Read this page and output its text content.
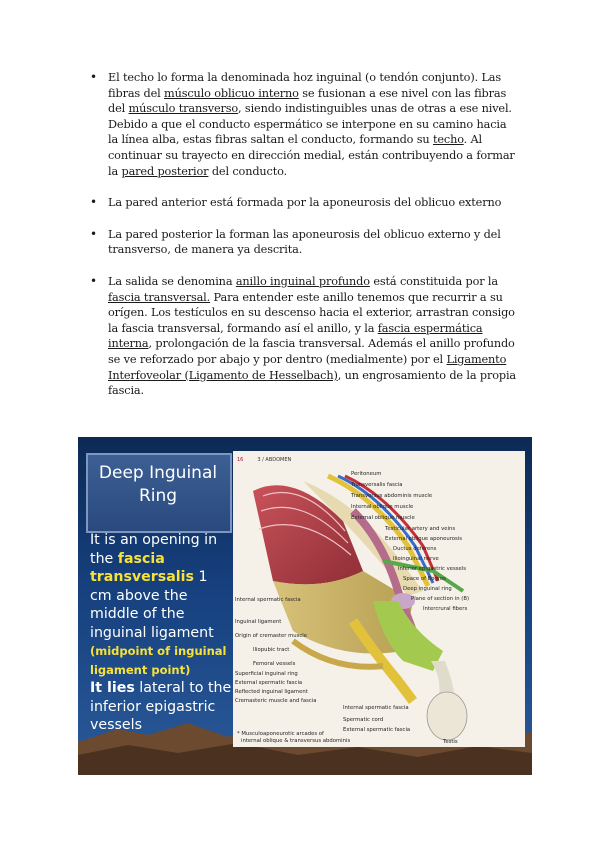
• El techo lo forma la denominada hoz inguinal (o tendón conjunto). Las fibras del músculo oblicuo interno se fusionan a ese nivel con las fibras del músculo transverso, siendo indistinguibles unas de otras a ese nivel. Debido a que el conducto espermático se interpone en su camino hacia la línea alba, estas fibras saltan el conducto, formando su techo. Al continuar su trayecto en dirección medial, están contribuyendo a formar la pared posterior del conducto.
• La pared anterior está formada por la aponeurosis del oblicuo externo
• La pared posterior la forman las aponeurosis del oblicuo externo y del transverso, de manera ya descrita.
• La salida se denomina anillo inguinal profundo está constituida por la fascia transversal. Para entender este anillo tenemos que recurrir a su orígen. Los testículos en su descenso hacia el exterior, arrastran consigo la fascia transversal, formando así el anillo, y la fascia espermática interna, prolongación de la fascia transversal. Además el anillo profundo se ve reforzado por abajo y por dentro (medialmente) por el Ligamento Interfoveolar (Ligamento de Hesselbach), un engrosamiento de la propia fascia.
Deep Inguinal Ring
It is an opening in the fascia transversalis 1 cm above the middle of the inguinal ligament (midpoint of inguinal ligament point)
It lies lateral to the inferior epigastric vessels
16	3 / ABDOMEN
Peritoneum
Transversalis fascia
Transversus abdominis muscle
Internal oblique muscle
External oblique muscle
Testicular artery and veins
External oblique aponeurosis
Ductus deferens
Ilioinguinal nerve
Inferior epigastric vessels
Space of Bogros
Deep inguinal ring
Plane of section in (B)
Intercrural fibers
Internal spermatic fascia
Inguinal ligament
Origin of cremaster muscle
Iliopubic tract
Femoral vessels
Superficial inguinal ring
External spermatic fascia
Reflected inguinal ligament
Cremasteric muscle and fascia
Internal spermatic fascia
Spermatic cord
External spermatic fascia
Testis
* Musculoaponeurotic arcades of
internal oblique & transversus abdominis
